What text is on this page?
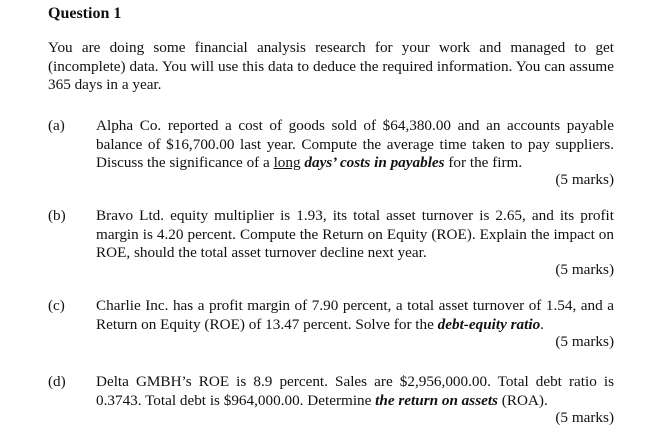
Question 1
You are doing some financial analysis research for your work and managed to get (incomplete) data. You will use this data to deduce the required information. You can assume 365 days in a year.
(a) Alpha Co. reported a cost of goods sold of $64,380.00 and an accounts payable balance of $16,700.00 last year. Compute the average time taken to pay suppliers. Discuss the significance of a long days’ costs in payables for the firm.
(5 marks)
(b) Bravo Ltd. equity multiplier is 1.93, its total asset turnover is 2.65, and its profit margin is 4.20 percent. Compute the Return on Equity (ROE). Explain the impact on ROE, should the total asset turnover decline next year.
(5 marks)
(c) Charlie Inc. has a profit margin of 7.90 percent, a total asset turnover of 1.54, and a Return on Equity (ROE) of 13.47 percent. Solve for the debt-equity ratio.
(5 marks)
(d) Delta GMBH’s ROE is 8.9 percent. Sales are $2,956,000.00. Total debt ratio is 0.3743. Total debt is $964,000.00. Determine the return on assets (ROA).
(5 marks)
